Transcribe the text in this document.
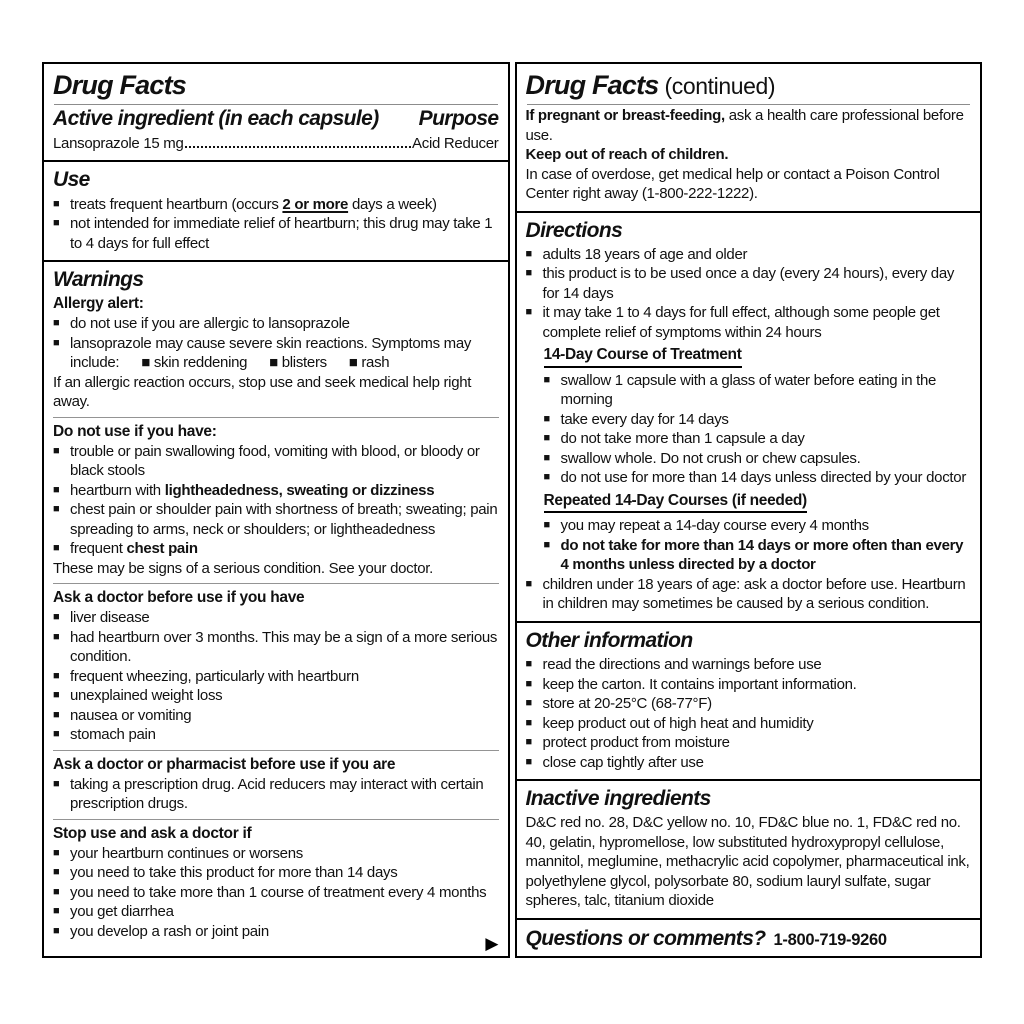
Drug Facts
Active ingredient (in each capsule) Purpose
Lansoprazole 15 mg	Acid Reducer
Use
■ treats frequent heartburn (occurs 2 or more days a week)
■ not intended for immediate relief of heartburn; this drug may take 1 to 4 days for full effect
Warnings
Allergy alert:
■ do not use if you are allergic to lansoprazole
■ lansoprazole may cause severe skin reactions. Symptoms may include:  ■ skin reddening  ■ blisters  ■ rash
If an allergic reaction occurs, stop use and seek medical help right away.
Do not use if you have:
■ trouble or pain swallowing food, vomiting with blood, or bloody or black stools
■ heartburn with lightheadedness, sweating or dizziness
■ chest pain or shoulder pain with shortness of breath; sweating; pain spreading to arms, neck or shoulders; or lightheadedness
■ frequent chest pain
These may be signs of a serious condition. See your doctor.
Ask a doctor before use if you have
■ liver disease
■ had heartburn over 3 months. This may be a sign of a more serious condition.
■ frequent wheezing, particularly with heartburn
■ unexplained weight loss
■ nausea or vomiting
■ stomach pain
Ask a doctor or pharmacist before use if you are
■ taking a prescription drug. Acid reducers may interact with certain prescription drugs.
Stop use and ask a doctor if
■ your heartburn continues or worsens
■ you need to take this product for more than 14 days
■ you need to take more than 1 course of treatment every 4 months
■ you get diarrhea
■ you develop a rash or joint pain
▶
Drug Facts (continued)
If pregnant or breast-feeding, ask a health care professional before use.
Keep out of reach of children.
In case of overdose, get medical help or contact a Poison Control Center right away (1-800-222-1222).
Directions
■ adults 18 years of age and older
■ this product is to be used once a day (every 24 hours), every day for 14 days
■ it may take 1 to 4 days for full effect, although some people get complete relief of symptoms within 24 hours
14-Day Course of Treatment
■ swallow 1 capsule with a glass of water before eating in the morning
■ take every day for 14 days
■ do not take more than 1 capsule a day
■ swallow whole. Do not crush or chew capsules.
■ do not use for more than 14 days unless directed by your doctor
Repeated 14-Day Courses (if needed)
■ you may repeat a 14-day course every 4 months
■ do not take for more than 14 days or more often than every 4 months unless directed by a doctor
■ children under 18 years of age: ask a doctor before use. Heartburn in children may sometimes be caused by a serious condition.
Other information
■ read the directions and warnings before use
■ keep the carton. It contains important information.
■ store at 20-25°C (68-77°F)
■ keep product out of high heat and humidity
■ protect product from moisture
■ close cap tightly after use
Inactive ingredients
D&C red no. 28, D&C yellow no. 10, FD&C blue no. 1, FD&C red no. 40, gelatin, hypromellose, low substituted hydroxypropyl cellulose, mannitol, meglumine, methacrylic acid copolymer, pharmaceutical ink, polyethylene glycol, polysorbate 80, sodium lauryl sulfate, sugar spheres, talc, titanium dioxide
Questions or comments? 1-800-719-9260
